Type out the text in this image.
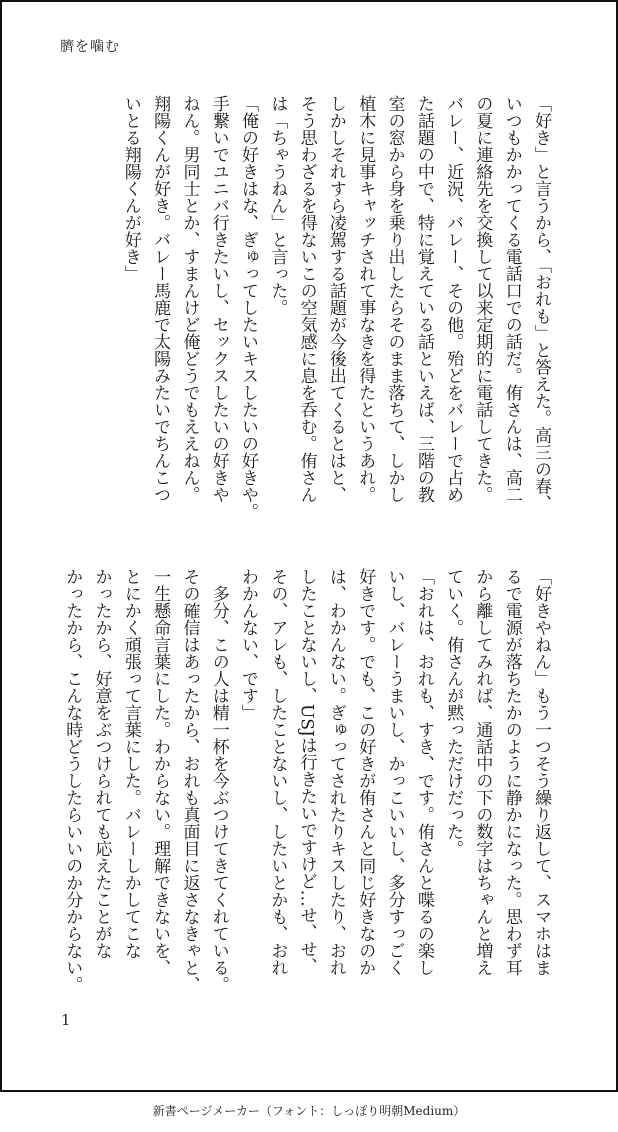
臍を噛む
「好き」と言うから、「おれも」と答えた。高三の春、
いつもかかってくる電話口での話だ。侑さんは、高二
の夏に連絡先を交換して以来定期的に電話してきた。
バレー、近況、バレー、その他。殆どをバレーで占め
た話題の中で、特に覚えている話といえば、三階の教
室の窓から身を乗り出したらそのまま落ちて、しかし
植木に見事キャッチされて事なきを得たというあれ。
しかしそれすら凌駕する話題が今後出てくるとはと、
そう思わざるを得ないこの空気感に息を呑む。侑さん
は「ちゃうねん」と言った。
「俺の好きはな、ぎゅってしたいキスしたいの好きや。
手繋いでユニバ行きたいし、セックスしたいの好きや
ねん。男同士とか、すまんけど俺どうでもええねん。
翔陽くんが好き。バレー馬鹿で太陽みたいでちんこつ
いとる翔陽くんが好き」
「好きやねん」もう一つそう繰り返して、スマホはま
るで電源が落ちたかのように静かになった。思わず耳
から離してみれば、通話中の下の数字はちゃんと増え
ていく。侑さんが黙っただけだった。
「おれは、おれも、すき、です。侑さんと喋るの楽し
いし、バレーうまいし、かっこいいし、多分すっごく
好きです。でも、この好きが侑さんと同じ好きなのか
は、わかんない。ぎゅってされたりキスしたり、おれ
したことないし、USJは行きたいですけど…せ、せ、
その、アレも、したことないし、したいとかも、おれ
わかんない、です」
　多分、この人は精一杯を今ぶつけてきてくれている。
その確信はあったから、おれも真面目に返さなきゃと、
一生懸命言葉にした。わからない。理解できないを、
とにかく頑張って言葉にした。バレーしかしてこな
かったから、好意をぶつけられても応えたことがな
かったから、こんな時どうしたらいいのか分からない。
1
新書ページメーカー（フォント：しっぽり明朝Medium）
